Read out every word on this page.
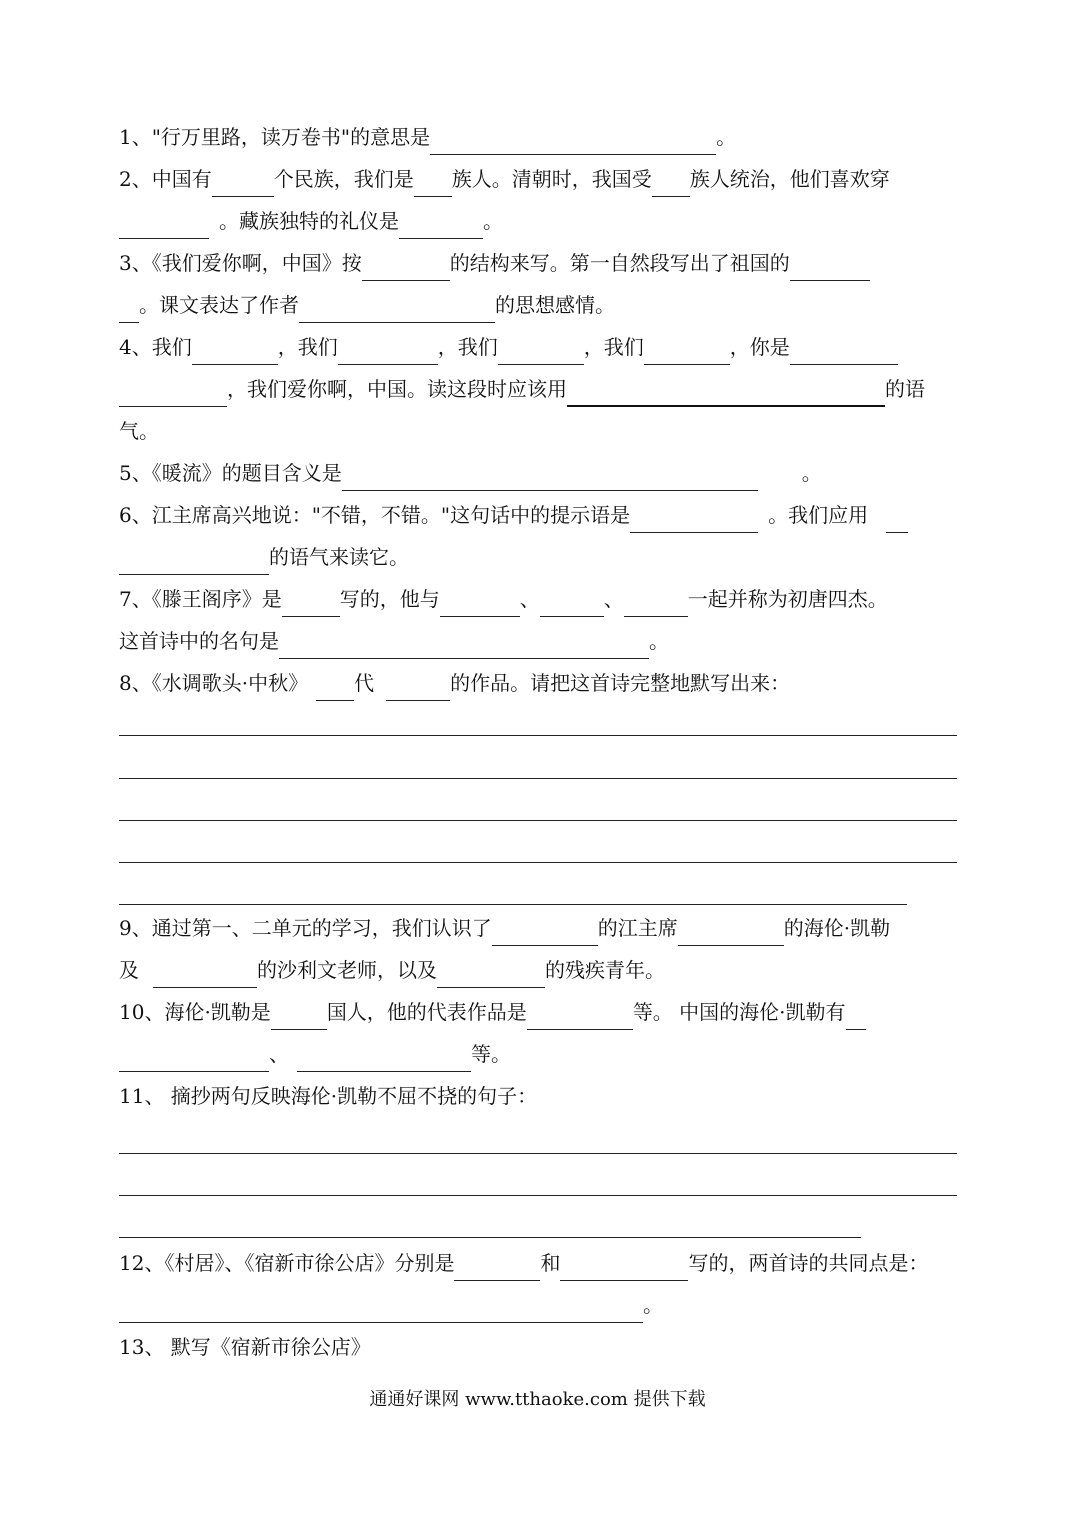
1、"行万里路，读万卷书"的意思是	。
2、中国有	个民族，我们是 族人。清朝时，我国受 族人统治，他们喜欢穿
。藏族独特的礼仪是	。
3、《我们爱你啊，中国》按	的结构来写。第一自然段写出了祖国的
。课文表达了作者	的思想感情。
4、我们	，我们	，我们	，我们	，你是
，我们爱你啊，中国。读这段时应该用	的语
气。
5、《暖流》的题目含义是	。
6、江主席高兴地说："不错，不错。"这句话中的提示语是	。我们应用
的语气来读它。
7、《滕王阁序》是	写的，他与	、	、	一起并称为初唐四杰。
这首诗中的名句是	。
8、《水调歌头·中秋》 代	的作品。请把这首诗完整地默写出来：
9、通过第一、二单元的学习，我们认识了	的江主席	的海伦·凯勒
及	的沙利文老师，以及	的残疾青年。
10、海伦·凯勒是	国人，他的代表作品是	等。 中国的海伦·凯勒有
、	等。
11、 摘抄两句反映海伦·凯勒不屈不挠的句子：
12、《村居》、《宿新市徐公店》分别是	和	写的，两首诗的共同点是：
。
13、 默写《宿新市徐公店》
通通好课网 www.tthaoke.com 提供下载
